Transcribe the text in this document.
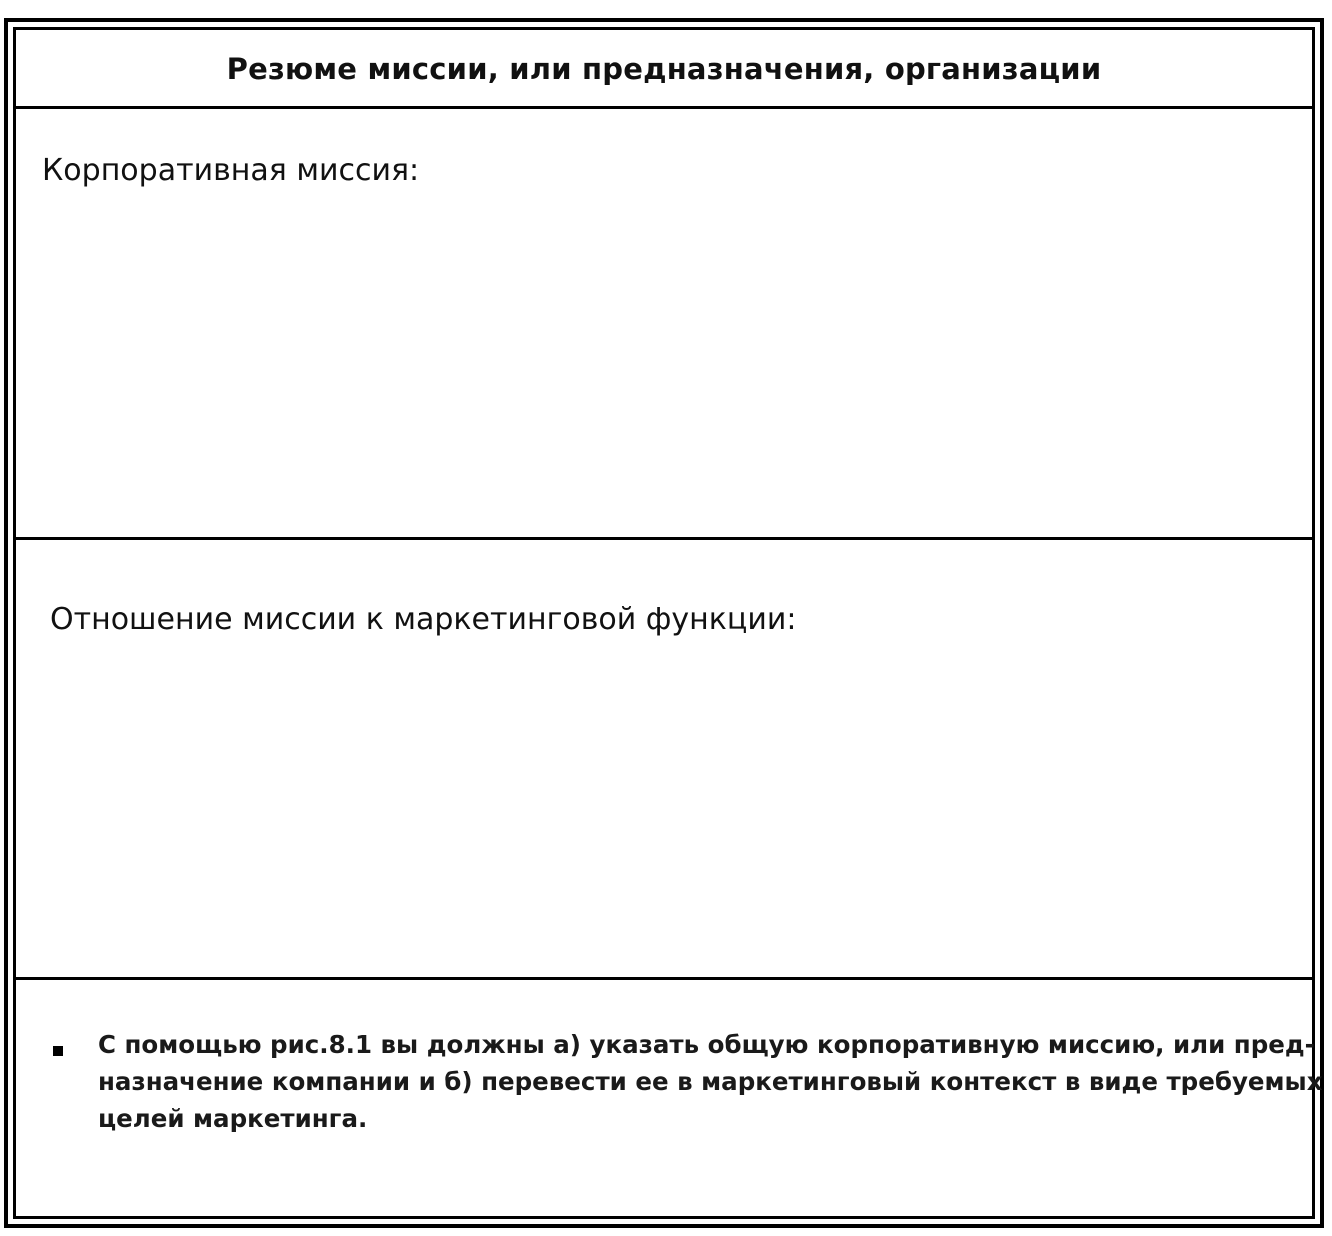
Резюме миссии, или предназначения, организации
Корпоративная миссия:
Отношение миссии к маркетинговой функции:
С помощью рис.8.1 вы должны а) указать общую корпоративную миссию, или пред-
назначение компании и б) перевести ее в маркетинговый контекст в виде требуемых
целей маркетинга.
